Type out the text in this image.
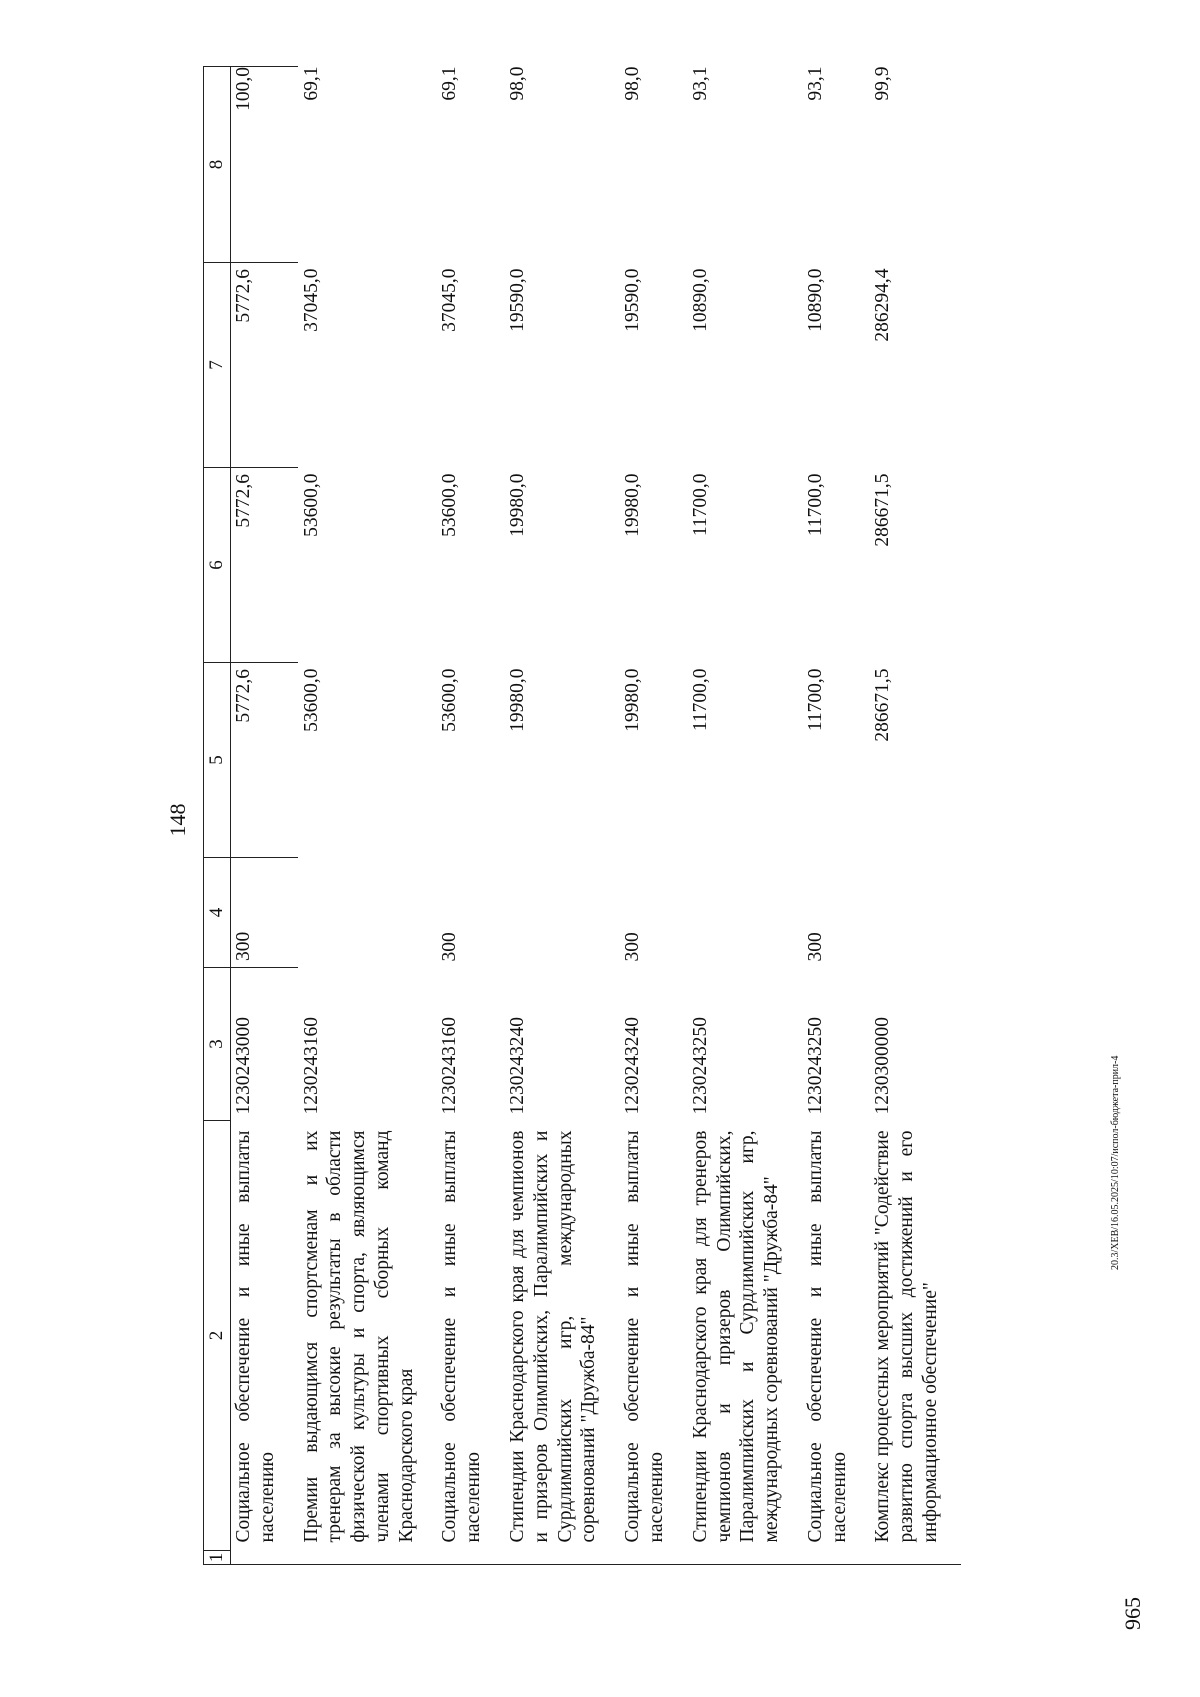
148
1	2	3	4	5	6	7	8
	Социальное обеспечение и иные выплаты населению	1230243000	300	5772,6	5772,6	5772,6	100,0
	Премии выдающимся спортсменам и их тренерам за высокие результаты в области физической культуры и спорта, являющимся членами спортивных сборных команд Краснодарского края	1230243160		53600,0	53600,0	37045,0	69,1
	Социальное обеспечение и иные выплаты населению	1230243160	300	53600,0	53600,0	37045,0	69,1
	Стипендии Краснодарского края для чемпионов и призеров Олимпийских, Паралимпийских и Сурдлимпийских игр, международных соревнований "Дружба-84"	1230243240		19980,0	19980,0	19590,0	98,0
	Социальное обеспечение и иные выплаты населению	1230243240	300	19980,0	19980,0	19590,0	98,0
	Стипендии Краснодарского края для тренеров чемпионов и призеров Олимпийских, Паралимпийских и Сурдлимпийских игр, международных соревнований "Дружба-84"	1230243250		11700,0	11700,0	10890,0	93,1
	Социальное обеспечение и иные выплаты населению	1230243250	300	11700,0	11700,0	10890,0	93,1
	Комплекс процессных мероприятий "Содействие развитию спорта высших достижений и его информационное обеспечение"	1230300000		286671,5	286671,5	286294,4	99,9
20.3/XEB/16.05.2025/10:07/испол-бюджета-прил-4
965
